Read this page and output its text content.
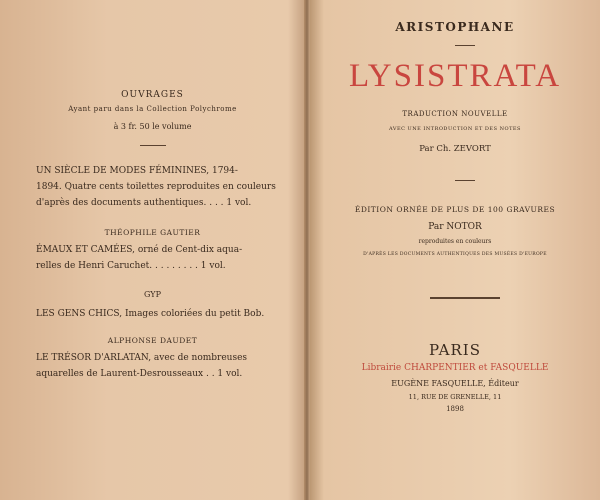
OUVRAGES
Ayant paru dans la Collection Polychrome
à 3 fr. 50 le volume
UN SIÈCLE DE MODES FÉMININES, 1794-
1894. Quatre cents toilettes reproduites en couleurs
d'après des documents authentiques. . . . 1 vol.
THÉOPHILE GAUTIER
ÉMAUX ET CAMÉES, orné de Cent-dix aqua-
relles de Henri Caruchet. . . . . . . . . 1 vol.
GYP
LES GENS CHICS, Images coloriées du petit Bob.
ALPHONSE DAUDET
LE TRÉSOR D'ARLATAN, avec de nombreuses
aquarelles de Laurent-Desrousseaux . . 1 vol.
ARISTOPHANE
LYSISTRATA
TRADUCTION NOUVELLE
AVEC UNE INTRODUCTION ET DES NOTES
Par Ch. ZEVORT
ÉDITION ORNÉE DE PLUS DE 100 GRAVURES
Par NOTOR
reproduites en couleurs
D'APRÈS LES DOCUMENTS AUTHENTIQUES DES MUSÉES D'EUROPE
PARIS
Librairie CHARPENTIER et FASQUELLE
EUGÈNE FASQUELLE, Éditeur
11, RUE DE GRENELLE, 11
1898
